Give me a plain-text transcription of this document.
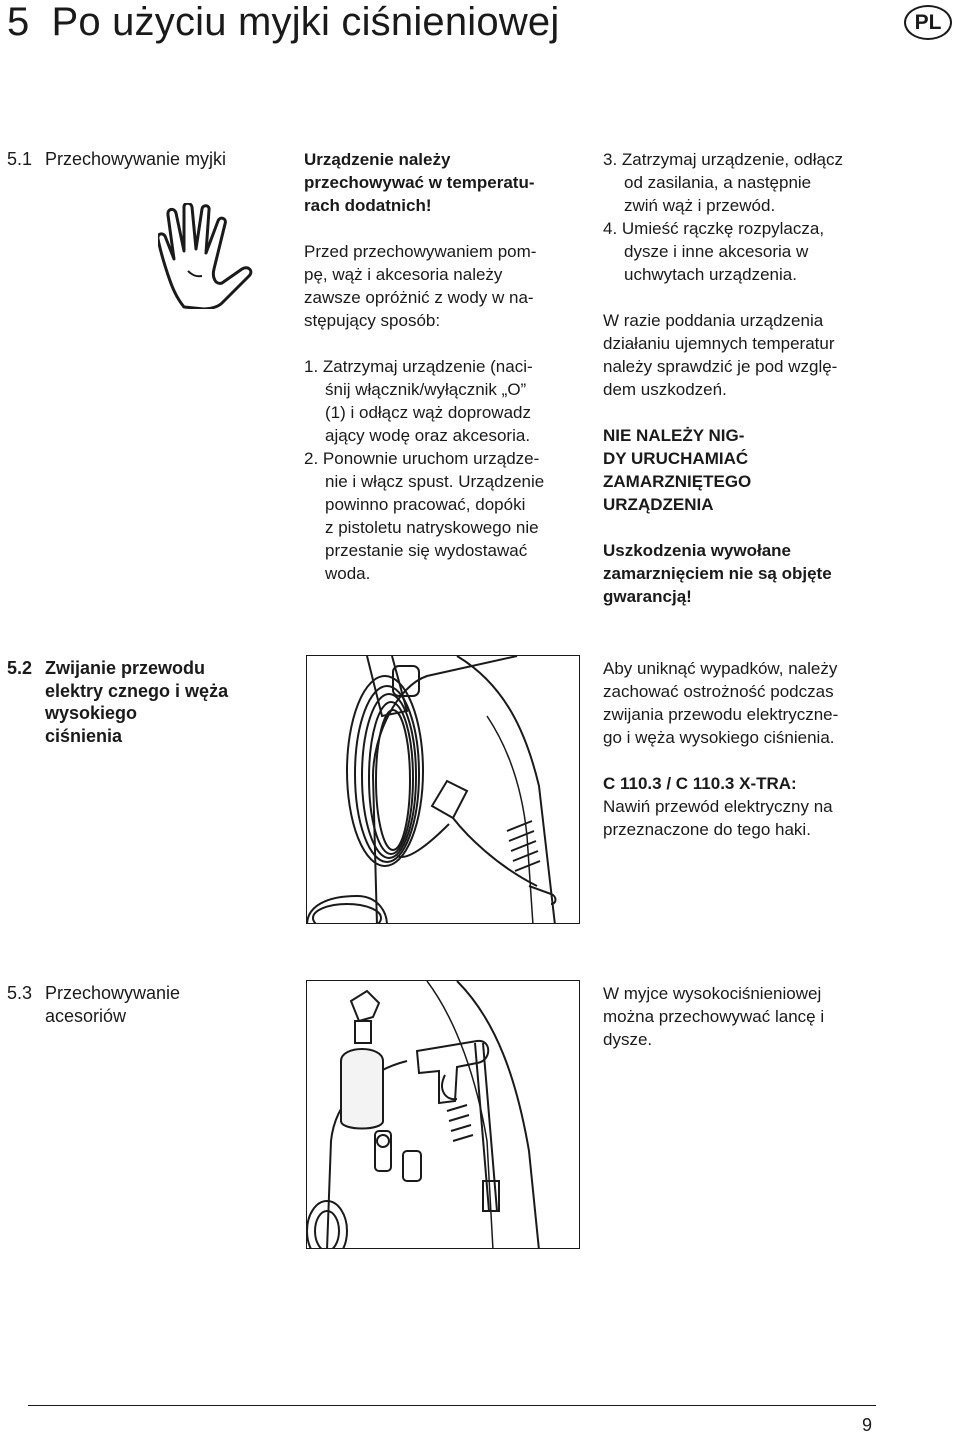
5 Po użyciu myjki ciśnieniowej	PL
5.1 Przechowywanie myjki	Urządzenie należy

przechowywać w temperatu-

rach dodatnich!

Przed przechowywaniem pom-

pę, wąż i akcesoria należy

zawsze opróżnić z wody w na-

stępujący sposób:

1. Zatrzymaj urządzenie (naci-

śnij włącznik/wyłącznik „O”

(1) i odłącz wąż doprowadz

ający wodę oraz akcesoria.

2. Ponownie uruchom urządze-

nie i włącz spust. Urządzenie

powinno pracować, dopóki

z pistoletu natryskowego nie

przestanie się wydostawać

woda.

3. Zatrzymaj urządzenie, odłącz

od zasilania, a następnie

zwiń wąż i przewód.

4. Umieść rączkę rozpylacza,

dysze i inne akcesoria w

uchwytach urządzenia.

W razie poddania urządzenia

działaniu ujemnych temperatur

należy sprawdzić je pod wzglę-

dem uszkodzeń.

NIE NALEŻY NIG-

DY URUCHAMIAĆ

ZAMARZNIĘTEGO

URZĄDZENIA

Uszkodzenia wywołane

zamarznięciem nie są objęte

gwarancją!

5.2 Zwijanie przewodu
elektry cznego i węża
wysokiego
ciśnienia

Aby uniknąć wypadków, należy

zachować ostrożność podczas

zwijania przewodu elektryczne-

go i węża wysokiego ciśnienia.

C 110.3 / C 110.3 X-TRA:

Nawiń przewód elektryczny na

przeznaczone do tego haki.

5.3 Przechowywanie
acesoriów

W myjce wysokociśnieniowej

można przechowywać lancę i

dysze.

9
